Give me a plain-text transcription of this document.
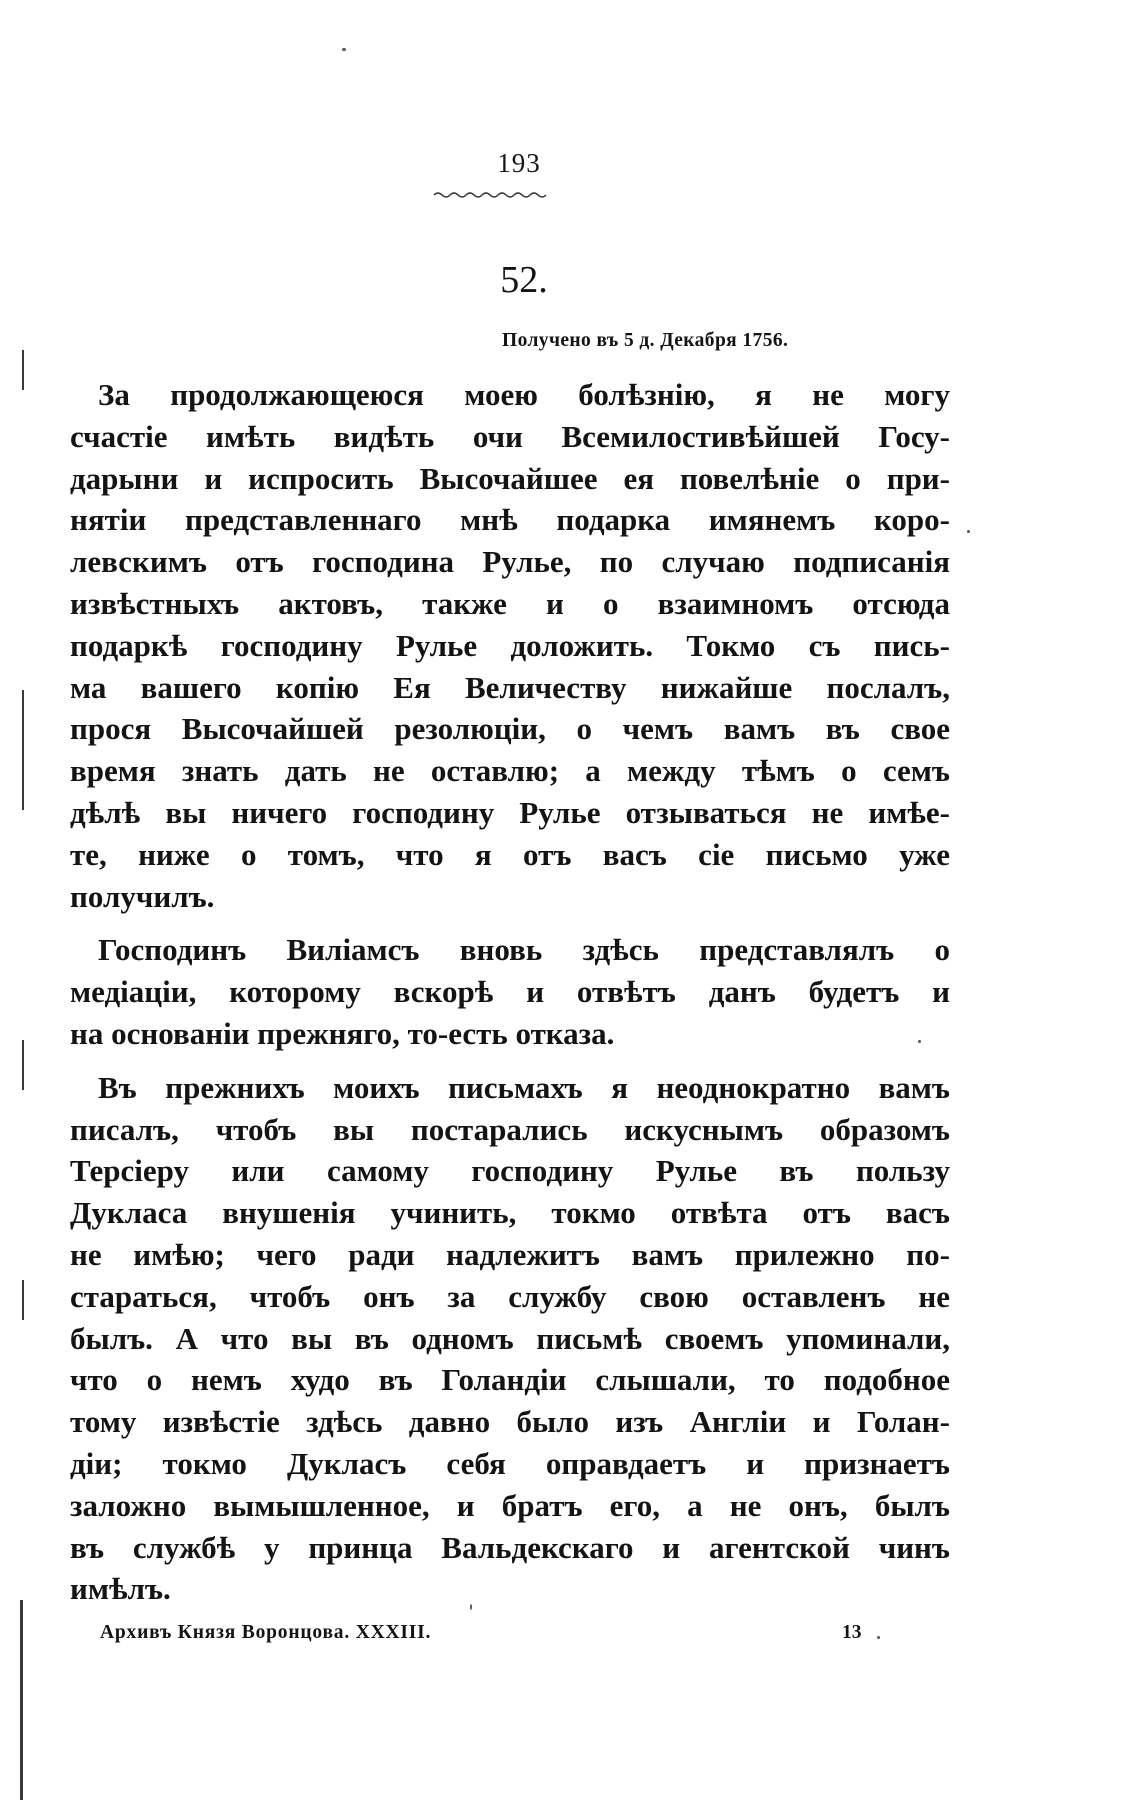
193
52.
Получено въ 5 д. Декабря 1756.
За продолжающеюся моею болѣзнію, я не могу
счастіе имѣть видѣть очи Всемилостивѣйшей Госу-
дарыни и испросить Высочайшее ея повелѣніе о при-
нятіи представленнаго мнѣ подарка имянемъ коро-
левскимъ отъ господина Рулье, по случаю подписанія
извѣстныхъ актовъ, также и о взаимномъ отсюда
подаркѣ господину Рулье доложить. Токмо съ пись-
ма вашего копію Ея Величеству нижайше послалъ,
прося Высочайшей резолюціи, о чемъ вамъ въ свое
время знать дать не оставлю; а между тѣмъ о семъ
дѣлѣ вы ничего господину Рулье отзываться не имѣе-
те, ниже о томъ, что я отъ васъ сіе письмо уже
получилъ.
Господинъ Виліамсъ вновь здѣсь представлялъ о
медіаціи, которому вскорѣ и отвѣтъ данъ будетъ и
на основаніи прежняго, то-есть отказа.
Въ прежнихъ моихъ письмахъ я неоднократно вамъ
писалъ, чтобъ вы постарались искуснымъ образомъ
Терсіеру или самому господину Рулье въ пользу
Дукласа внушенія учинить, токмо отвѣта отъ васъ
не имѣю; чего ради надлежитъ вамъ прилежно по-
стараться, чтобъ онъ за службу свою оставленъ не
былъ. А что вы въ одномъ письмѣ своемъ упоминали,
что о немъ худо въ Голандіи слышали, то подобное
тому извѣстіе здѣсь давно было изъ Англіи и Голан-
діи; токмо Дукласъ себя оправдаетъ и признаетъ
заложно вымышленное, и братъ его, а не онъ, былъ
въ службѣ у принца Вальдекскаго и агентской чинъ
имѣлъ.
Архивъ Князя Воронцова. XXXIII.	13
